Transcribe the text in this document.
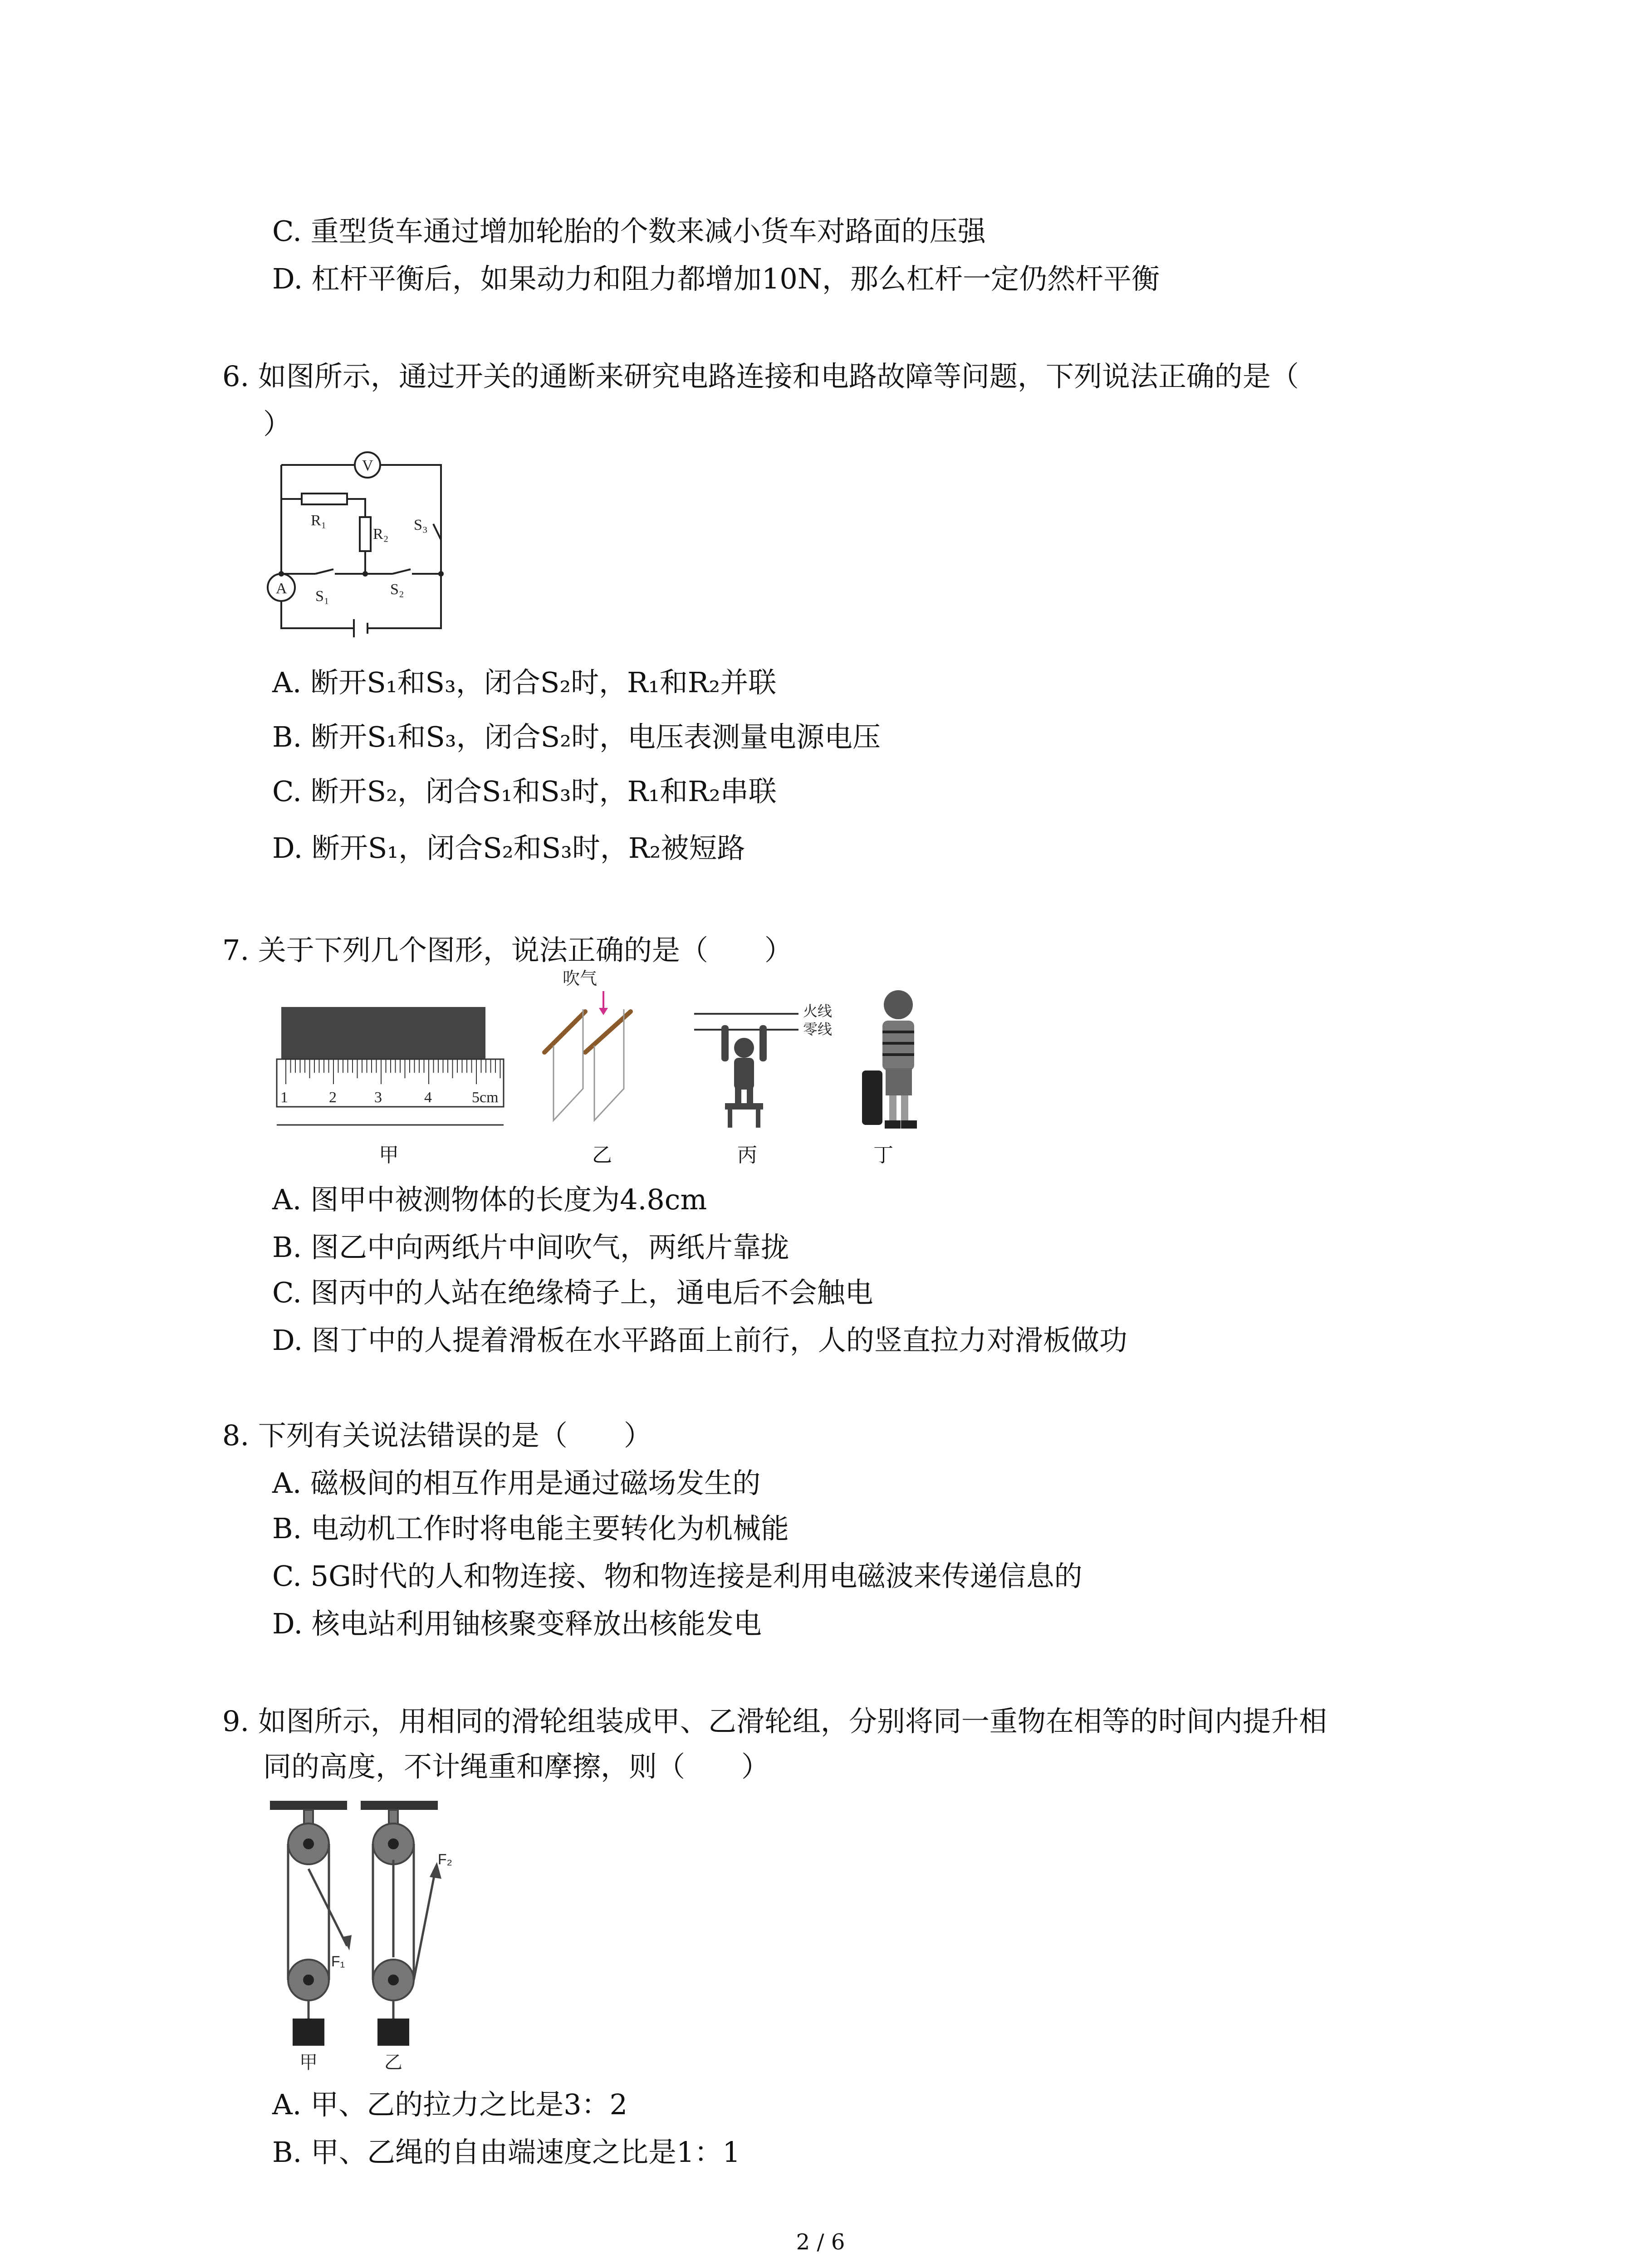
C. 重型货车通过增加轮胎的个数来减小货车对路面的压强
D. 杠杆平衡后，如果动力和阻力都增加10N，那么杠杆一定仍然杆平衡
6. 如图所示，通过开关的通断来研究电路连接和电路故障等问题，下列说法正确的是（
）
V
A
R₁
R₂
S₁	S₂
S₃
A. 断开S₁和S₃，闭合S₂时，R₁和R₂并联
B. 断开S₁和S₃，闭合S₂时，电压表测量电源电压
C. 断开S₂，闭合S₁和S₃时，R₁和R₂串联
D. 断开S₁，闭合S₂和S₃时，R₂被短路
7. 关于下列几个图形，说法正确的是（　　）
1	2 3	4	5cm
吹气
火线
零线
甲	乙	丙	丁
A. 图甲中被测物体的长度为4.8cm
B. 图乙中向两纸片中间吹气，两纸片靠拢
C. 图丙中的人站在绝缘椅子上，通电后不会触电
D. 图丁中的人提着滑板在水平路面上前行，人的竖直拉力对滑板做功
8. 下列有关说法错误的是（　　）
A. 磁极间的相互作用是通过磁场发生的
B. 电动机工作时将电能主要转化为机械能
C. 5G时代的人和物连接、物和物连接是利用电磁波来传递信息的
D. 核电站利用铀核聚变释放出核能发电
9. 如图所示，用相同的滑轮组装成甲、乙滑轮组，分别将同一重物在相等的时间内提升相
同的高度，不计绳重和摩擦，则（　　）
F₁
F₂
甲	乙
A. 甲、乙的拉力之比是3：2
B. 甲、乙绳的自由端速度之比是1：1
2 / 6
